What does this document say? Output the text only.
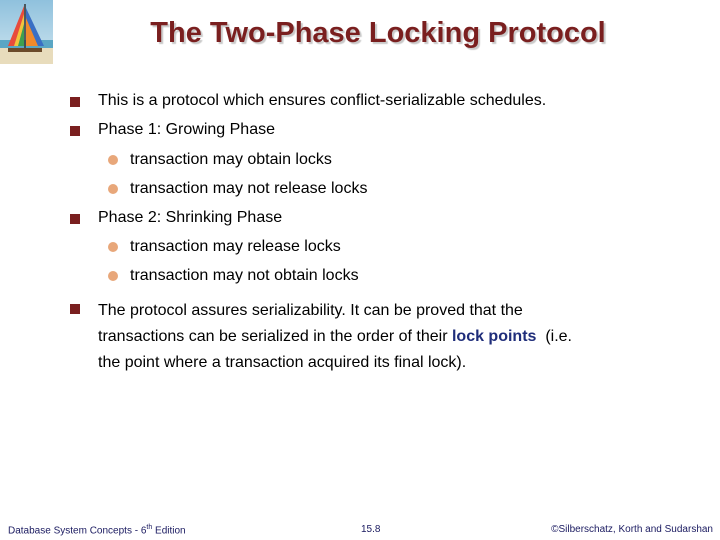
The Two-Phase Locking Protocol
This is a protocol which ensures conflict-serializable schedules.
Phase 1: Growing Phase
transaction may obtain locks
transaction may not release locks
Phase 2: Shrinking Phase
transaction may release locks
transaction may not obtain locks
The protocol assures serializability. It can be proved that the
transactions can be serialized in the order of their lock points  (i.e.
the point where a transaction acquired its final lock).
Database System Concepts - 6th Edition	15.8	©Silberschatz, Korth and Sudarshan
